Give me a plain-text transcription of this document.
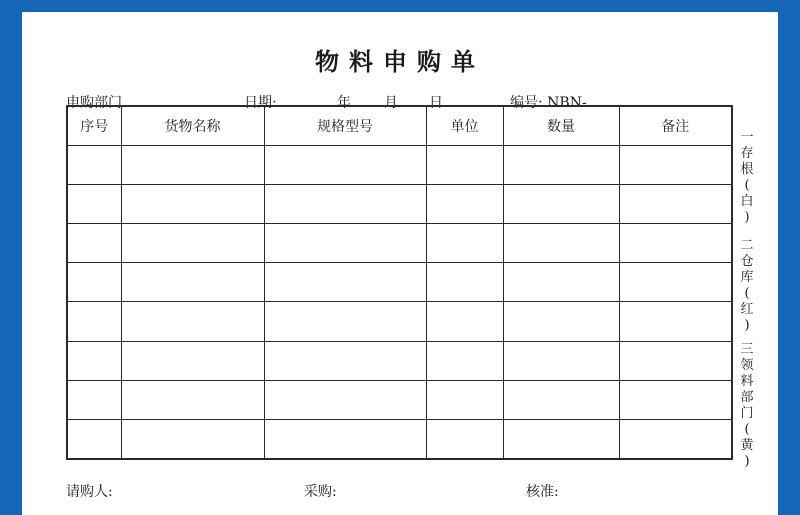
物料申购单
申购部门	日期:	年 月 日	编号: NBN-
序号	货物名称	规格型号	单位	数量	备注

一
存
根
(
白
)
二
仓
库
(
红
)
三
领
料
部
门
(
黄
)
请购人:	采购:	核准:
